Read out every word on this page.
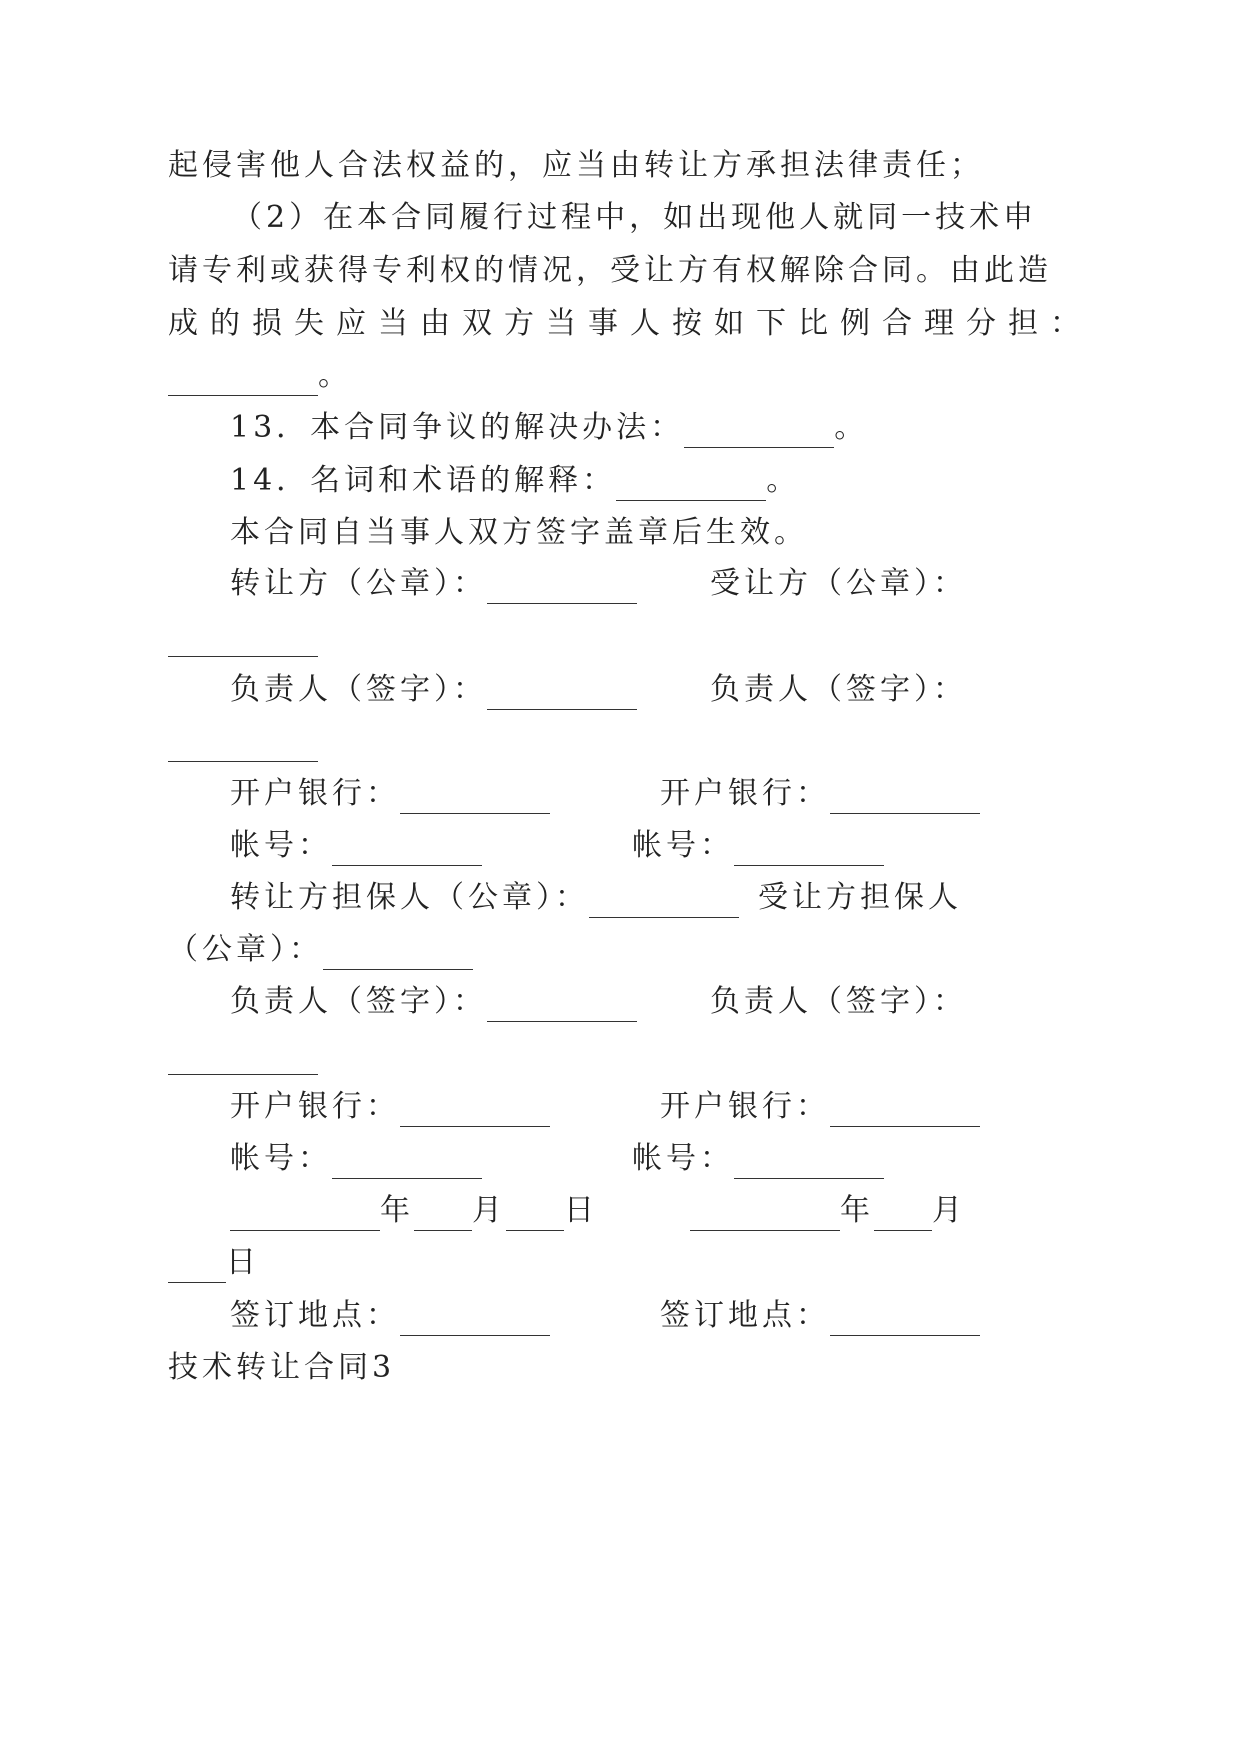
起侵害他人合法权益的，应当由转让方承担法律责任；
（2）在本合同履行过程中，如出现他人就同一技术申
请专利或获得专利权的情况，受让方有权解除合同。由此造
成的损失应当由双方当事人按如下比例合理分担：
。
13．本合同争议的解决办法：	。
14．名词和术语的解释：	。
本合同自当事人双方签字盖章后生效。
转让方（公章）：	受让方（公章）：
负责人（签字）：	负责人（签字）：
开户银行：	开户银行：
帐号：	帐号：
转让方担保人（公章）：	受让方担保人
（公章）：
负责人（签字）：	负责人（签字）：
开户银行：	开户银行：
帐号：	帐号：
年 月 日	年 月
日
签订地点：	签订地点：
技术转让合同3
